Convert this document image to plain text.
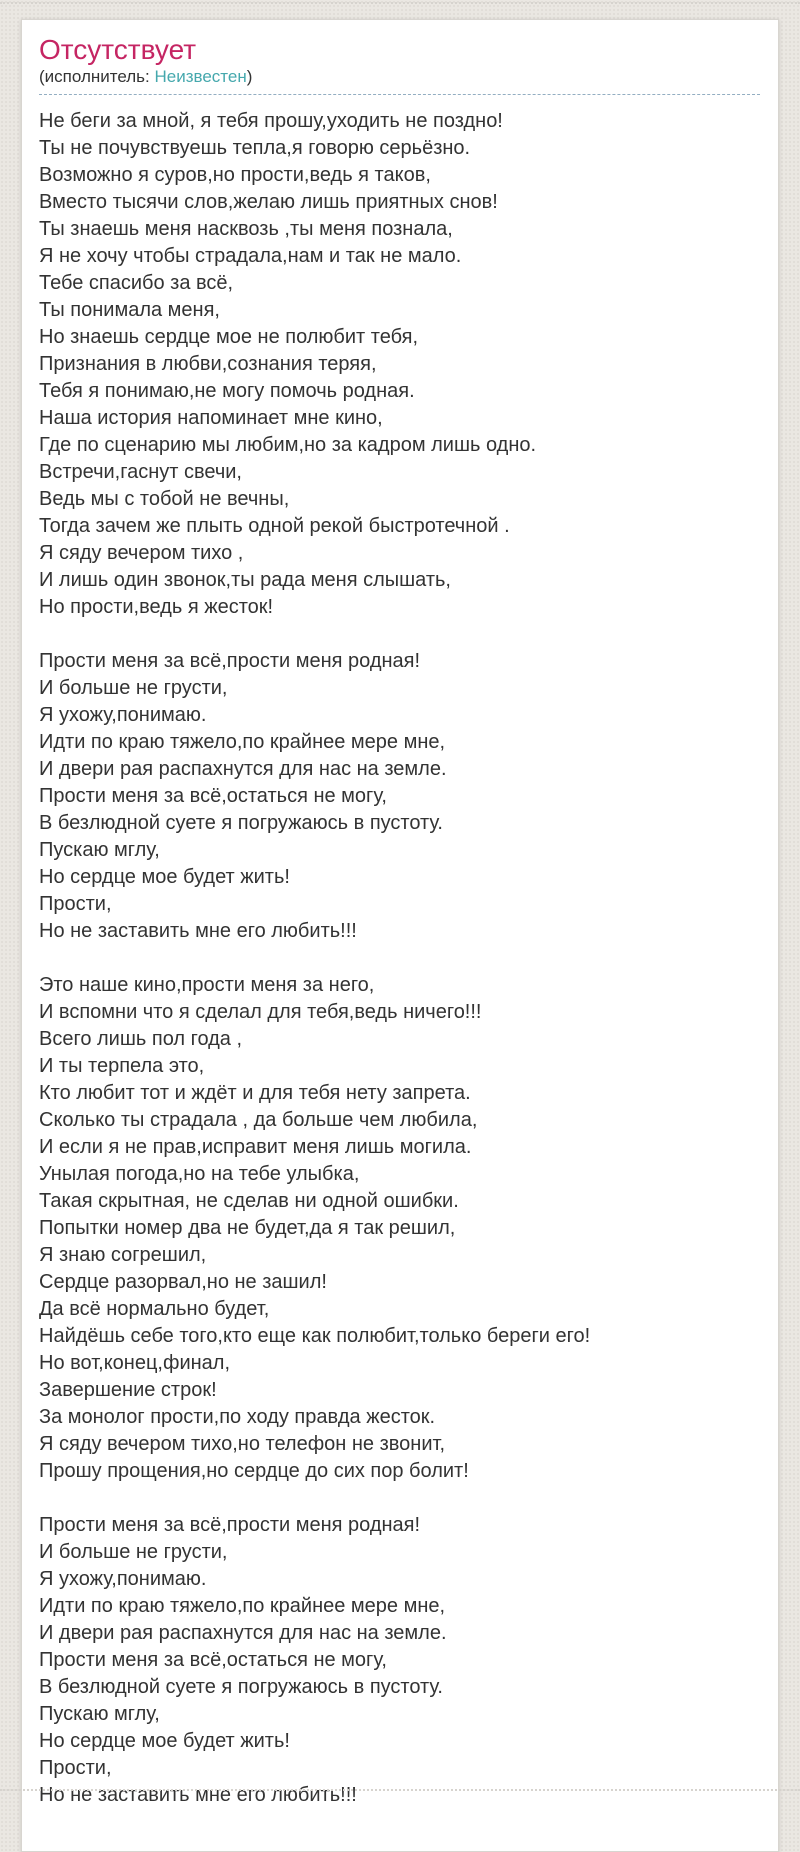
Отсутствует
(исполнитель: Неизвестен)
Не беги за мной, я тебя прошу,уходить не поздно!
Ты не почувствуешь тепла,я говорю серьёзно.
Возможно я суров,но прости,ведь я таков,
Вместо тысячи слов,желаю лишь приятных снов!
Ты знаешь меня насквозь ,ты меня познала,
Я не хочу чтобы страдала,нам и так не мало.
Тебе спасибо за всё,
Ты понимала меня,
Но знаешь сердце мое не полюбит тебя,
Признания в любви,сознания теряя,
Тебя я понимаю,не могу помочь родная.
Наша история напоминает мне кино,
Где по сценарию мы любим,но за кадром лишь одно.
Встречи,гаснут свечи,
Ведь мы с тобой не вечны,
Тогда зачем же плыть одной рекой быстротечной .
Я сяду вечером тихо ,
И лишь один звонок,ты рада меня слышать,
Но прости,ведь я жесток!

Прости меня за всё,прости меня родная!
И больше не грусти,
Я ухожу,понимаю.
Идти по краю тяжело,по крайнее мере мне,
И двери рая распахнутся для нас на земле.
Прости меня за всё,остаться не могу,
В безлюдной суете я погружаюсь в пустоту.
Пускаю мглу,
Но сердце мое будет жить!
Прости,
Но не заставить мне его любить!!!

Это наше кино,прости меня за него,
И вспомни что я сделал для тебя,ведь ничего!!!
Всего лишь пол года ,
И ты терпела это,
Кто любит тот и ждёт и для тебя нету запрета.
Сколько ты страдала , да больше чем любила,
И если я не прав,исправит меня лишь могила.
Унылая погода,но на тебе улыбка,
Такая скрытная, не сделав ни одной ошибки.
Попытки номер два не будет,да я так решил,
Я знаю согрешил,
Сердце разорвал,но не зашил!
Да всё нормально будет,
Найдёшь себе того,кто еще как полюбит,только береги его!
Но вот,конец,финал,
Завершение строк!
За монолог прости,по ходу правда жесток.
Я сяду вечером тихо,но телефон не звонит,
Прошу прощения,но сердце до сих пор болит!

Прости меня за всё,прости меня родная!
И больше не грусти,
Я ухожу,понимаю.
Идти по краю тяжело,по крайнее мере мне,
И двери рая распахнутся для нас на земле.
Прости меня за всё,остаться не могу,
В безлюдной суете я погружаюсь в пустоту.
Пускаю мглу,
Но сердце мое будет жить!
Прости,
Но не заставить мне его любить!!!
